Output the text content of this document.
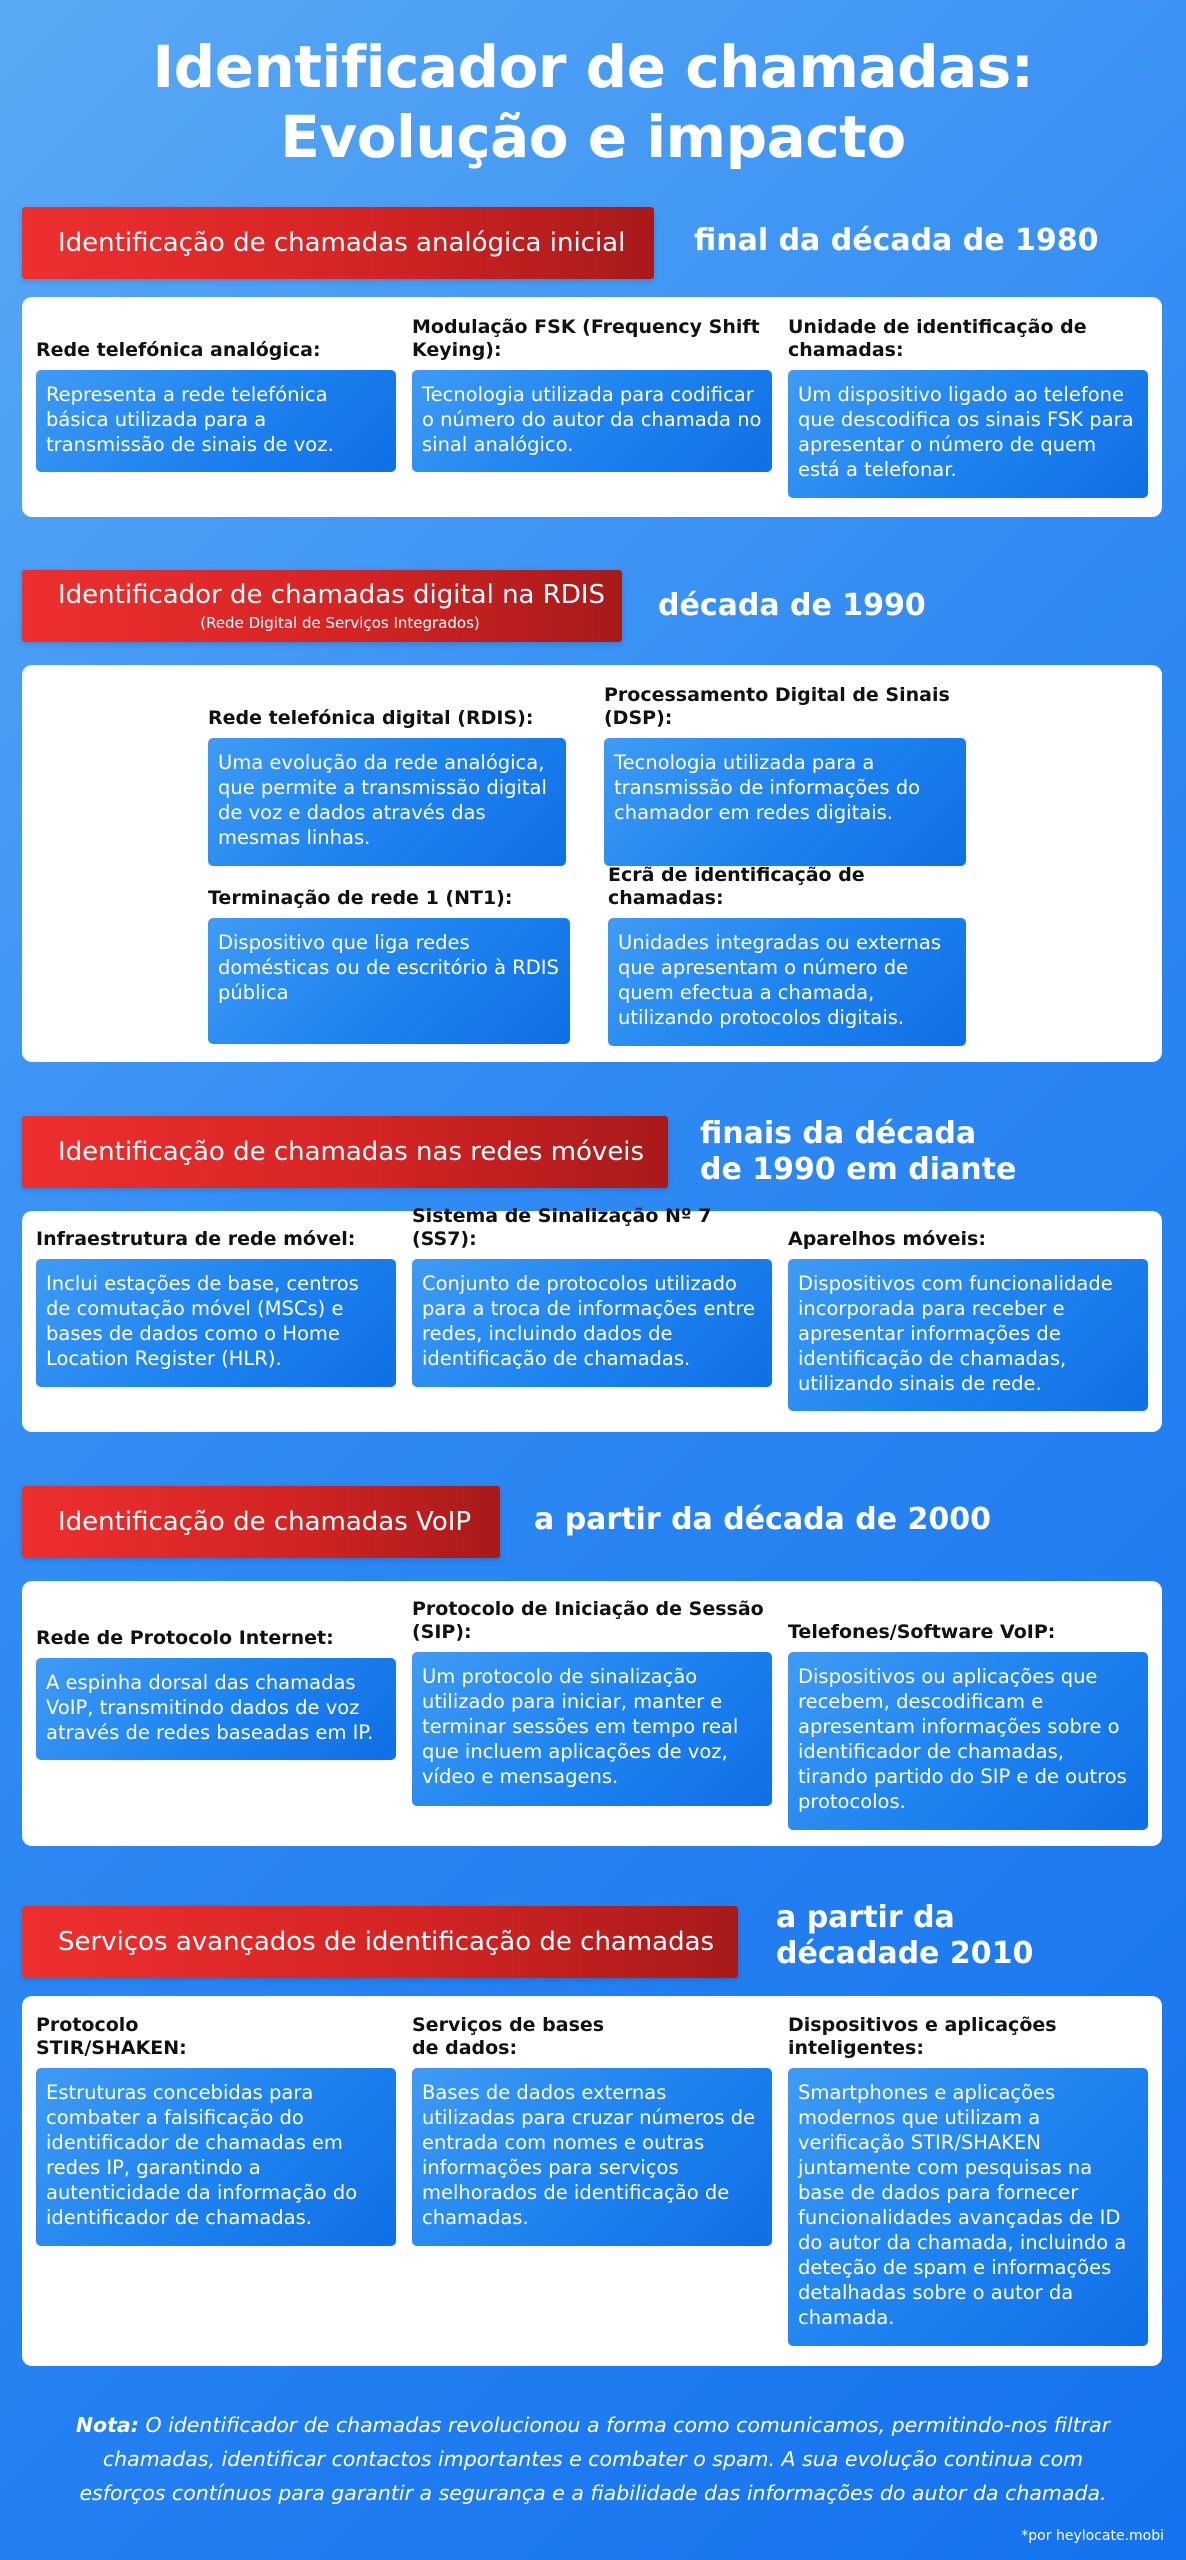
Identificador de chamadas:
Evolução e impacto
Identificação de chamadas analógica inicial	final da década de 1980
Rede telefónica analógica:
Representa a rede telefónica básica utilizada para a transmissão de sinais de voz.
Modulação FSK (Frequency Shift Keying):
Tecnologia utilizada para codificar o número do autor da chamada no sinal analógico.
Unidade de identificação de chamadas:
Um dispositivo ligado ao telefone que descodifica os sinais FSK para apresentar o número de quem está a telefonar.
Identificador de chamadas digital na RDIS
(Rede Digital de Serviços Integrados)	década de 1990
Rede telefónica digital (RDIS):
Uma evolução da rede analógica, que permite a transmissão digital de voz e dados através das mesmas linhas.
Processamento Digital de Sinais (DSP):
Tecnologia utilizada para a transmissão de informações do chamador em redes digitais.
Terminação de rede 1 (NT1):
Dispositivo que liga redes domésticas ou de escritório à RDIS pública
Ecrã de identificação de chamadas:
Unidades integradas ou externas que apresentam o número de quem efectua a chamada, utilizando protocolos digitais.
Identificação de chamadas nas redes móveis
finais da década de 1990 em diante
Infraestrutura de rede móvel:
Inclui estações de base, centros de comutação móvel (MSCs) e bases de dados como o Home Location Register (HLR).
Sistema de Sinalização Nº 7 (SS7):
Conjunto de protocolos utilizado para a troca de informações entre redes, incluindo dados de identificação de chamadas.
Aparelhos móveis:
Dispositivos com funcionalidade incorporada para receber e apresentar informações de identificação de chamadas, utilizando sinais de rede.
Identificação de chamadas VoIP	a partir da década de 2000
Rede de Protocolo Internet:
A espinha dorsal das chamadas VoIP, transmitindo dados de voz através de redes baseadas em IP.
Protocolo de Iniciação de Sessão (SIP):
Um protocolo de sinalização utilizado para iniciar, manter e terminar sessões em tempo real que incluem aplicações de voz, vídeo e mensagens.
Telefones/Software VoIP:
Dispositivos ou aplicações que recebem, descodificam e apresentam informações sobre o identificador de chamadas, tirando partido do SIP e de outros protocolos.
Serviços avançados de identificação de chamadas
a partir da décadade 2010
Protocolo STIR/SHAKEN:
Estruturas concebidas para combater a falsificação do identificador de chamadas em redes IP, garantindo a autenticidade da informação do identificador de chamadas.
Serviços de bases de dados:
Bases de dados externas utilizadas para cruzar números de entrada com nomes e outras informações para serviços melhorados de identificação de chamadas.
Dispositivos e aplicações inteligentes:
Smartphones e aplicações modernos que utilizam a verificação STIR/SHAKEN juntamente com pesquisas na base de dados para fornecer funcionalidades avançadas de ID do autor da chamada, incluindo a deteção de spam e informações detalhadas sobre o autor da chamada.
Nota: O identificador de chamadas revolucionou a forma como comunicamos, permitindo-nos filtrar chamadas, identificar contactos importantes e combater o spam. A sua evolução continua com esforços contínuos para garantir a segurança e a fiabilidade das informações do autor da chamada.
*por heylocate.mobi
